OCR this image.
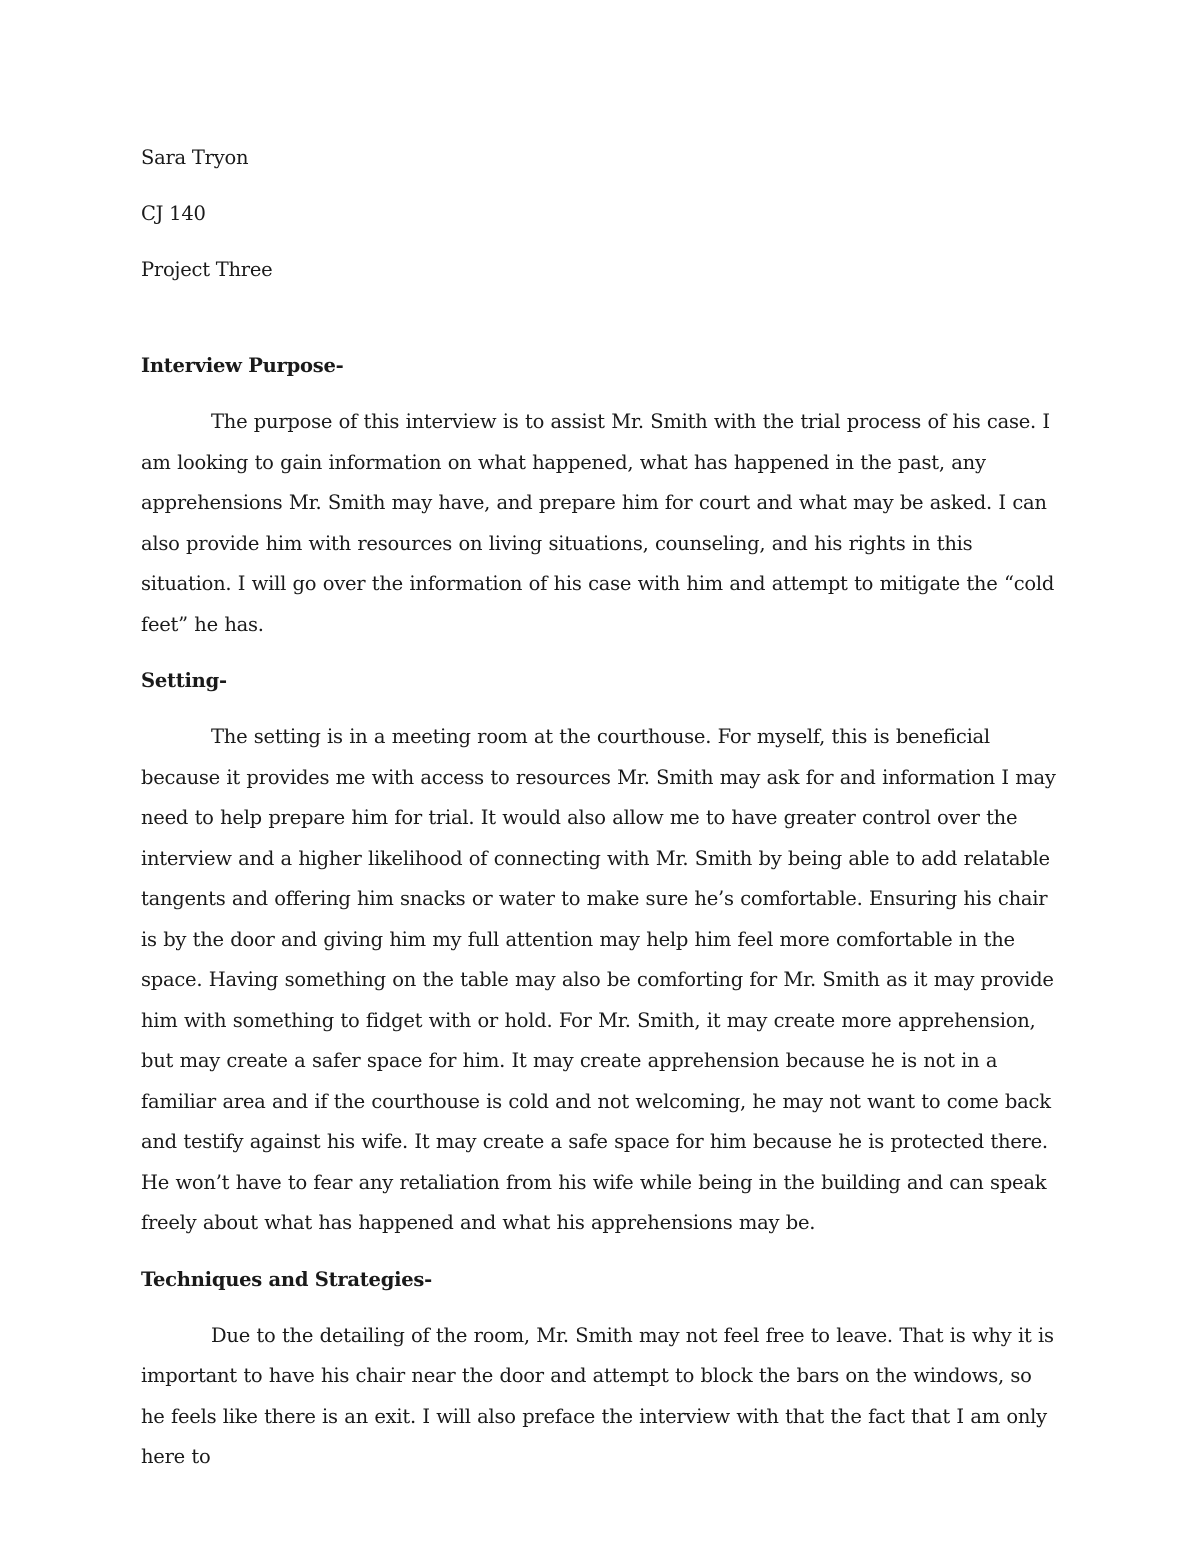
Sara Tryon

CJ 140

Project Three

Interview Purpose-

The purpose of this interview is to assist Mr. Smith with the trial process of his case. I am looking to gain information on what happened, what has happened in the past, any apprehensions Mr. Smith may have, and prepare him for court and what may be asked. I can also provide him with resources on living situations, counseling, and his rights in this situation. I will go over the information of his case with him and attempt to mitigate the “cold feet” he has.

Setting-

The setting is in a meeting room at the courthouse. For myself, this is beneficial because it provides me with access to resources Mr. Smith may ask for and information I may need to help prepare him for trial. It would also allow me to have greater control over the interview and a higher likelihood of connecting with Mr. Smith by being able to add relatable tangents and offering him snacks or water to make sure he’s comfortable. Ensuring his chair is by the door and giving him my full attention may help him feel more comfortable in the space. Having something on the table may also be comforting for Mr. Smith as it may provide him with something to fidget with or hold. For Mr. Smith, it may create more apprehension, but may create a safer space for him. It may create apprehension because he is not in a familiar area and if the courthouse is cold and not welcoming, he may not want to come back and testify against his wife. It may create a safe space for him because he is protected there. He won’t have to fear any retaliation from his wife while being in the building and can speak freely about what has happened and what his apprehensions may be.

Techniques and Strategies-

Due to the detailing of the room, Mr. Smith may not feel free to leave. That is why it is important to have his chair near the door and attempt to block the bars on the windows, so he feels like there is an exit. I will also preface the interview with that the fact that I am only here to
